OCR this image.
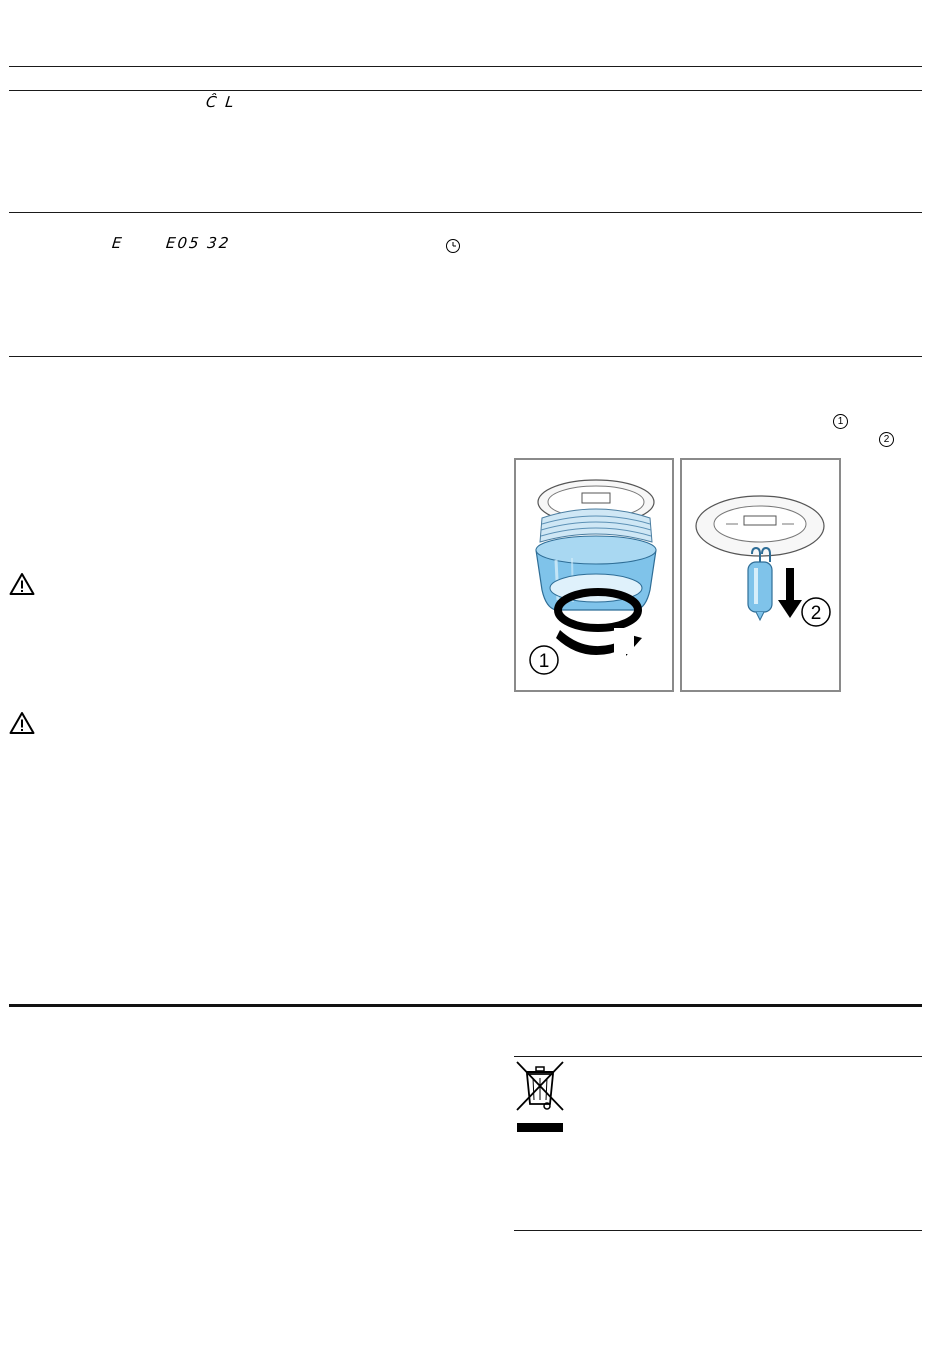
Ĉ L
E	E05 32
1
2
1
2
